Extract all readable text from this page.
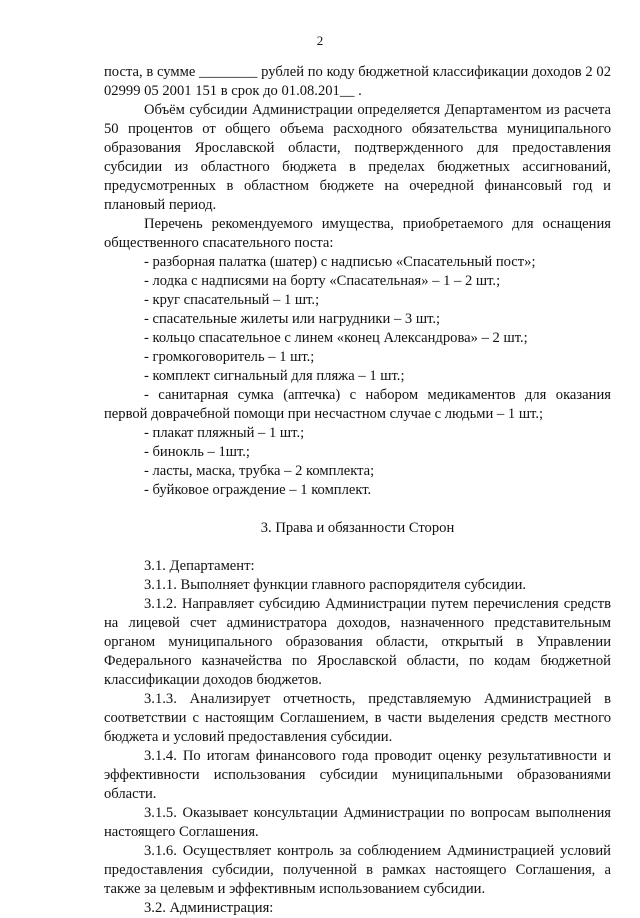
2

поста, в сумме ________ рублей по коду бюджетной классификации доходов 2 02 02999 05 2001 151 в срок до 01.08.201__ .

Объём субсидии Администрации определяется Департаментом из расчета 50 процентов от общего объема расходного обязательства муниципального образования Ярославской области, подтвержденного для предоставления субсидии из областного бюджета в пределах бюджетных ассигнований, предусмотренных в областном бюджете на очередной финансовый год и плановый период.

Перечень рекомендуемого имущества, приобретаемого для оснащения общественного спасательного поста:

- разборная палатка (шатер) с надписью «Спасательный пост»;

- лодка с надписями на борту «Спасательная» – 1 – 2 шт.;

- круг спасательный – 1 шт.;

- спасательные жилеты или нагрудники – 3 шт.;

- кольцо спасательное с линем «конец Александрова» – 2 шт.;

- громкоговоритель – 1 шт.;

- комплект сигнальный для пляжа – 1 шт.;

- санитарная сумка (аптечка) с набором медикаментов для оказания первой доврачебной помощи при несчастном случае с людьми – 1 шт.;

- плакат пляжный – 1 шт.;

- бинокль – 1шт.;

- ласты, маска, трубка – 2 комплекта;

- буйковое ограждение – 1 комплект.

3. Права и обязанности Сторон

3.1. Департамент:

3.1.1. Выполняет функции главного распорядителя субсидии.

3.1.2. Направляет субсидию Администрации путем перечисления средств на лицевой счет администратора доходов, назначенного представительным органом муниципального образования области, открытый в Управлении Федерального казначейства по Ярославской области, по кодам бюджетной классификации доходов бюджетов.

3.1.3. Анализирует отчетность, представляемую Администрацией в соответствии с настоящим Соглашением, в части выделения средств местного бюджета и условий предоставления субсидии.

3.1.4. По итогам финансового года проводит оценку результативности и эффективности использования субсидии муниципальными образованиями области.

3.1.5. Оказывает консультации Администрации по вопросам выполнения настоящего Соглашения.

3.1.6. Осуществляет контроль за соблюдением Администрацией условий предоставления субсидии, полученной в рамках настоящего Соглашения, а также за целевым и эффективным использованием субсидии.

3.2. Администрация:
